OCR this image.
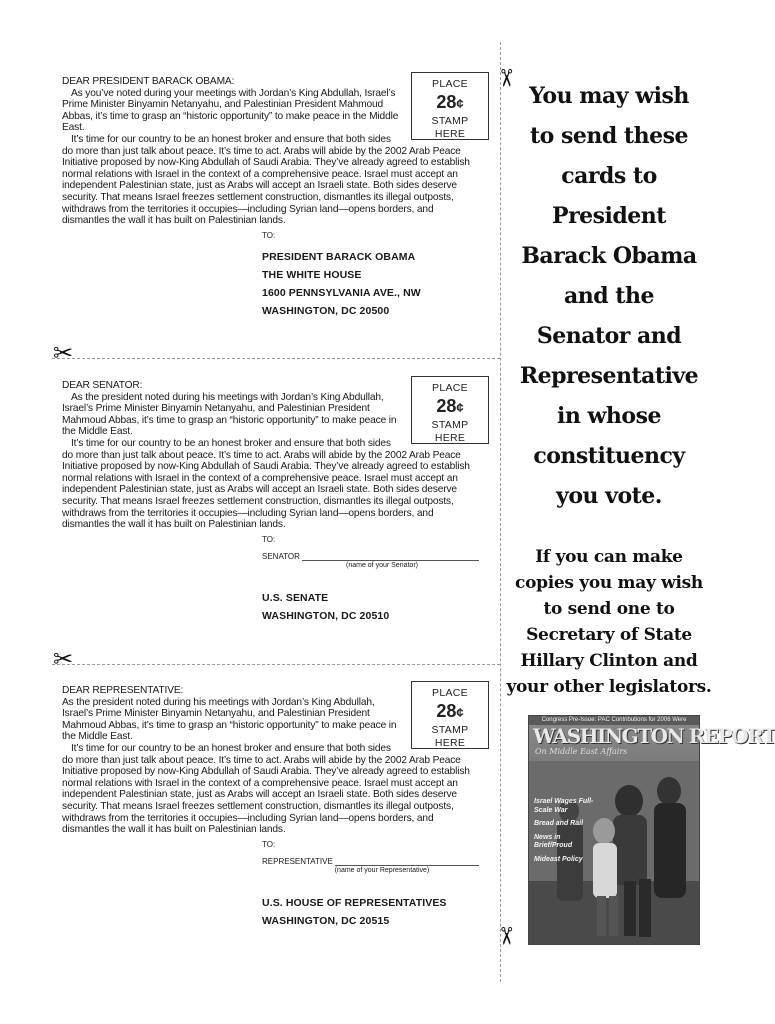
✂
✂
✂
✂
PLACE
28¢
STAMP
HERE

DEAR PRESIDENT BARACK OBAMA:

As you’ve noted during your meetings with Jordan’s King Abdullah, Israel’s Prime Minister Binyamin Netanyahu, and Palestinian President Mahmoud Abbas, it’s time to grasp an “historic opportunity” to make peace in the Middle East.

It’s time for our country to be an honest broker and ensure that both sides do more than just talk about peace. It’s time to act. Arabs will abide by the 2002 Arab Peace Initiative proposed by now-King Abdullah of Saudi Arabia. They’ve already agreed to establish normal relations with Israel in the context of a comprehensive peace. Israel must accept an independent Palestinian state, just as Arabs will accept an Israeli state. Both sides deserve security. That means Israel freezes settlement construction, dismantles its illegal outposts, withdraws from the territories it occupies—including Syrian land—opens borders, and dismantles the wall it has built on Palestinian lands.

TO:
PRESIDENT BARACK OBAMA
THE WHITE HOUSE
1600 PENNSYLVANIA AVE., NW
WASHINGTON, DC 20500
PLACE
28¢
STAMP
HERE

DEAR SENATOR:

As the president noted during his meetings with Jordan’s King Abdullah, Israel’s Prime Minister Binyamin Netanyahu, and Palestinian President Mahmoud Abbas, it’s time to grasp an “historic opportunity” to make peace in the Middle East.

It’s time for our country to be an honest broker and ensure that both sides do more than just talk about peace. It’s time to act. Arabs will abide by the 2002 Arab Peace Initiative proposed by now-King Abdullah of Saudi Arabia. They’ve already agreed to establish normal relations with Israel in the context of a comprehensive peace. Israel must accept an independent Palestinian state, just as Arabs will accept an Israeli state. Both sides deserve security. That means Israel freezes settlement construction, dismantles its illegal outposts, withdraws from the territories it occupies—including Syrian land—opens borders, and dismantles the wall it has built on Palestinian lands.

TO:
SENATOR
(name of your Senator)
U.S. SENATE
WASHINGTON, DC 20510
PLACE
28¢
STAMP
HERE

DEAR REPRESENTATIVE:

As the president noted during his meetings with Jordan’s King Abdullah, Israel’s Prime Minister Binyamin Netanyahu, and Palestinian President Mahmoud Abbas, it’s time to grasp an “historic opportunity” to make peace in the Middle East.

It’s time for our country to be an honest broker and ensure that both sides do more than just talk about peace. It’s time to act. Arabs will abide by the 2002 Arab Peace Initiative proposed by now-King Abdullah of Saudi Arabia. They’ve already agreed to establish normal relations with Israel in the context of a comprehensive peace. Israel must accept an independent Palestinian state, just as Arabs will accept an Israeli state. Both sides deserve security. That means Israel freezes settlement construction, dismantles its illegal outposts, withdraws from the territories it occupies—including Syrian land—opens borders, and dismantles the wall it has built on Palestinian lands.

TO:
REPRESENTATIVE
(name of your Representative)
U.S. HOUSE OF REPRESENTATIVES
WASHINGTON, DC 20515
You may wish
to send these
cards to
President
Barack Obama
and the
Senator and
Representative
in whose
constituency
you vote.
If you can make
copies you may wish
to send one to
Secretary of State
Hillary Clinton and
your other legislators.
Congress Pre-Issue: PAC Contributions for 2006 Were
WASHINGTON REPORT
On Middle East Affairs
Israel Wages Full-Scale War
Bread and Rail
News in Brief/Proud
Mideast Policy
